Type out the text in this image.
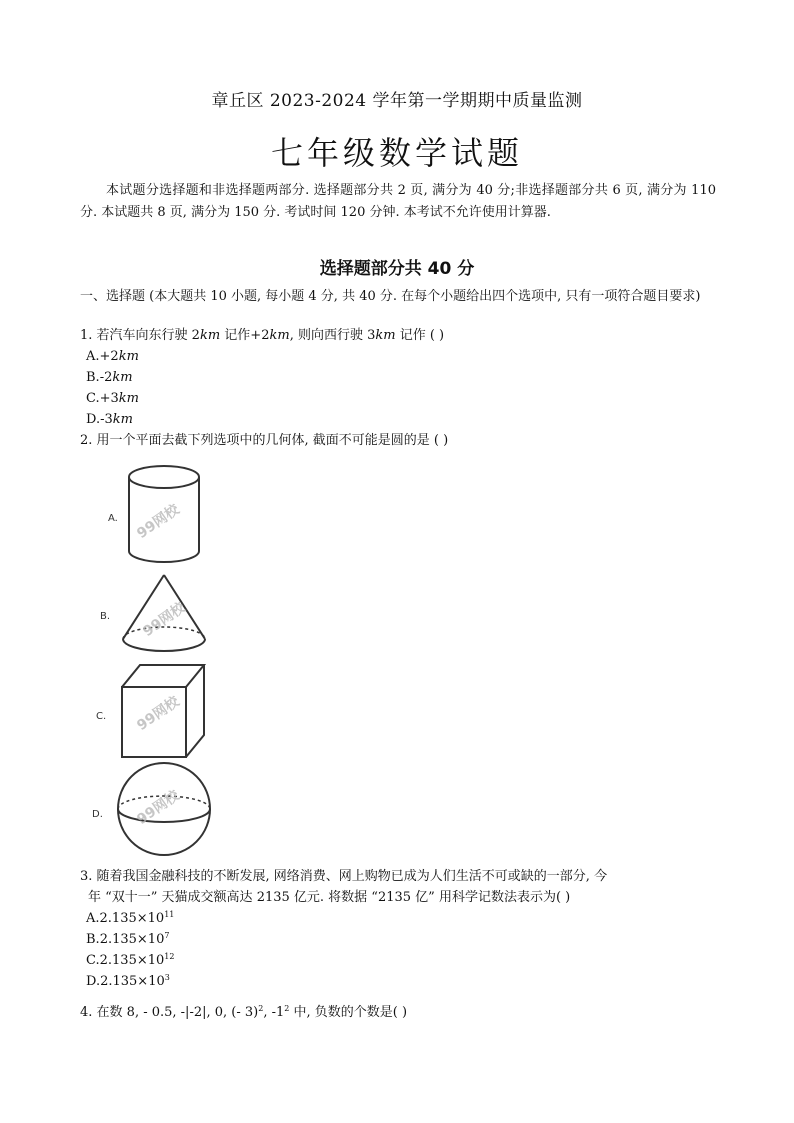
章丘区 2023-2024 学年第一学期期中质量监测
七年级数学试题
本试题分选择题和非选择题两部分. 选择题部分共 2 页, 满分为 40 分;非选择题部分共 6 页, 满分为 110 分. 本试题共 8 页, 满分为 150 分. 考试时间 120 分钟. 本考试不允许使用计算器.
选择题部分共 40 分
一、选择题 (本大题共 10 小题, 每小题 4 分, 共 40 分. 在每个小题给出四个选项中, 只有一项符合题目要求)
1. 若汽车向东行驶 2km 记作+2km, 则向西行驶 3km 记作 ( )
A.+2km
B.-2km
C.+3km
D.-3km
2. 用一个平面去截下列选项中的几何体, 截面不可能是圆的是 ( )
A.
B.
C.
D.
99网校
99网校
99网校
99网校
3. 随着我国金融科技的不断发展, 网络消费、网上购物已成为人们生活不可或缺的一部分, 今
年 “双十一” 天猫成交额高达 2135 亿元. 将数据 “2135 亿” 用科学记数法表示为( )
$A.2.135\times 10^{11}$
$B.2.135\times 10^7$
$C.2.135\times 10^{12}$
$D.2.135\times 10^3$
4. 在数 8, - 0.5, -|-2|, 0, (- 3)$^2$, $-1^2$ 中, 负数的个数是( )
